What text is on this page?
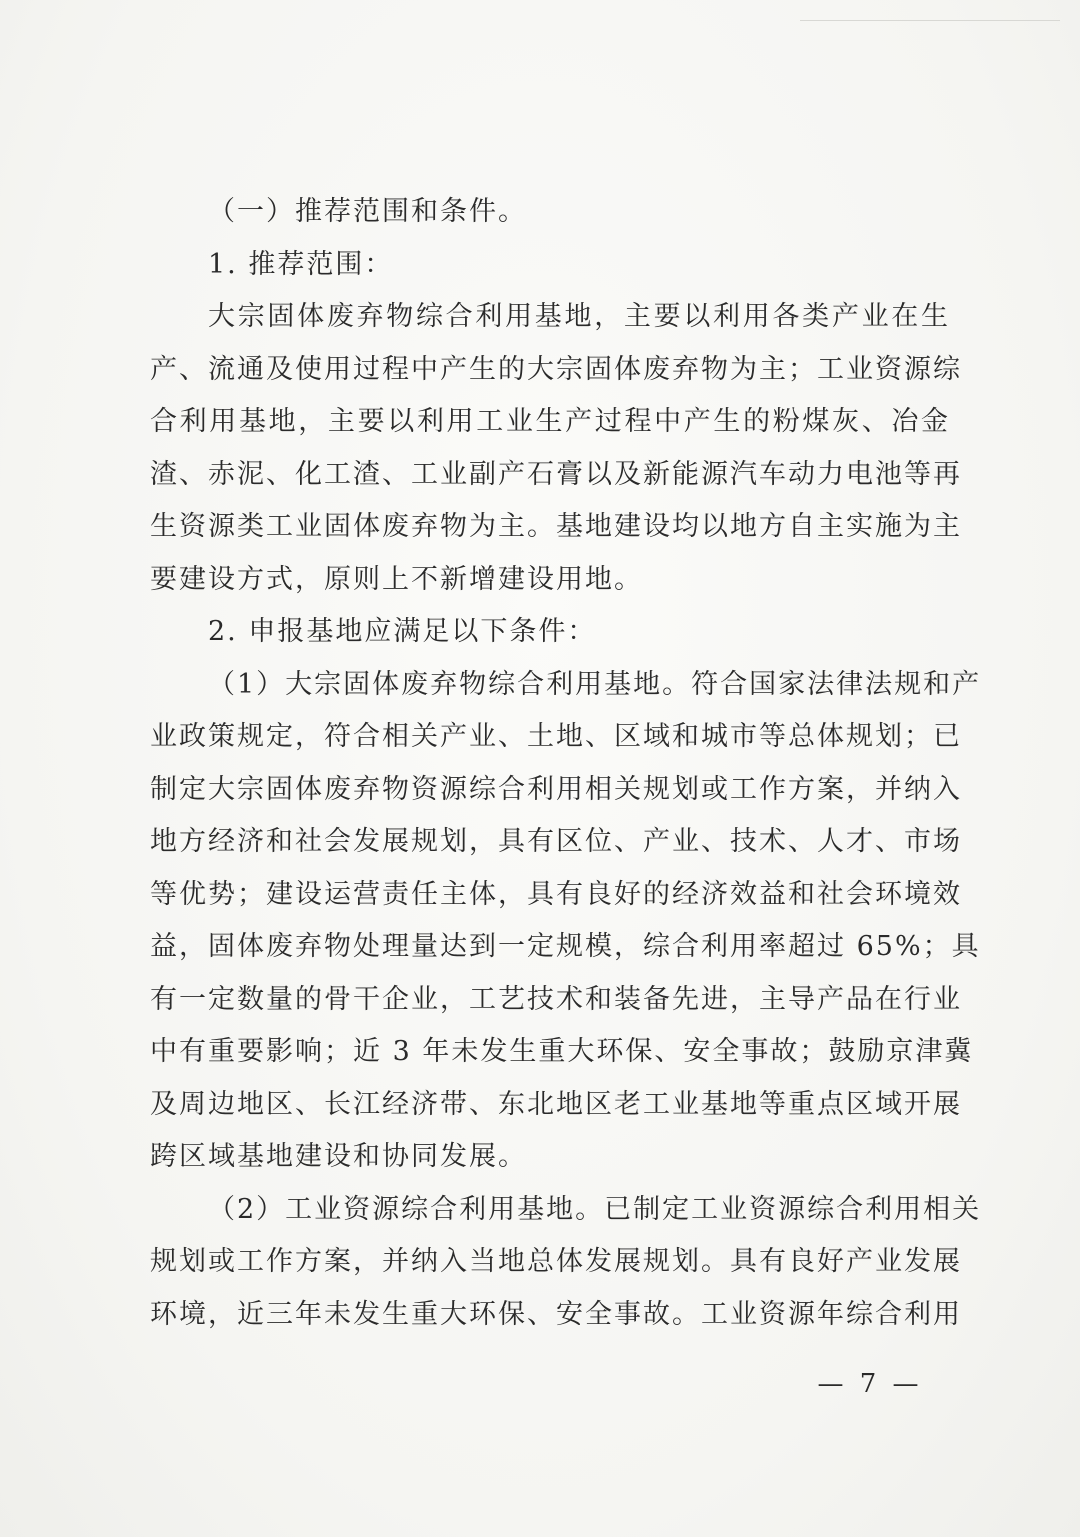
（一）推荐范围和条件。
1. 推荐范围：
大宗固体废弃物综合利用基地，主要以利用各类产业在生
产、流通及使用过程中产生的大宗固体废弃物为主；工业资源综
合利用基地，主要以利用工业生产过程中产生的粉煤灰、冶金
渣、赤泥、化工渣、工业副产石膏以及新能源汽车动力电池等再
生资源类工业固体废弃物为主。基地建设均以地方自主实施为主
要建设方式，原则上不新增建设用地。
2. 申报基地应满足以下条件：
（1）大宗固体废弃物综合利用基地。符合国家法律法规和产
业政策规定，符合相关产业、土地、区域和城市等总体规划；已
制定大宗固体废弃物资源综合利用相关规划或工作方案，并纳入
地方经济和社会发展规划，具有区位、产业、技术、人才、市场
等优势；建设运营责任主体，具有良好的经济效益和社会环境效
益，固体废弃物处理量达到一定规模，综合利用率超过 65%；具
有一定数量的骨干企业，工艺技术和装备先进，主导产品在行业
中有重要影响；近 3 年未发生重大环保、安全事故；鼓励京津冀
及周边地区、长江经济带、东北地区老工业基地等重点区域开展
跨区域基地建设和协同发展。
（2）工业资源综合利用基地。已制定工业资源综合利用相关
规划或工作方案，并纳入当地总体发展规划。具有良好产业发展
环境，近三年未发生重大环保、安全事故。工业资源年综合利用
— 7 —
